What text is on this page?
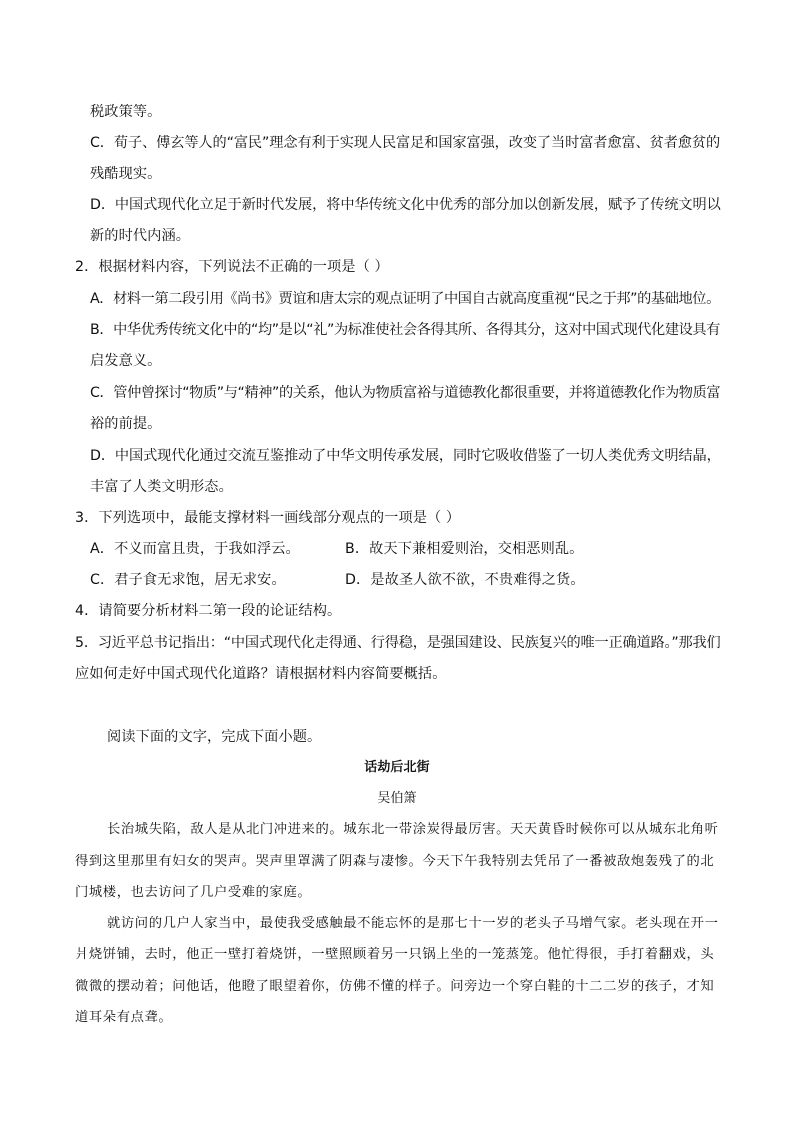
税政策等。
C．荀子、傅玄等人的“富民”理念有利于实现人民富足和国家富强，改变了当时富者愈富、贫者愈贫的
残酷现实。
D．中国式现代化立足于新时代发展，将中华传统文化中优秀的部分加以创新发展，赋予了传统文明以
新的时代内涵。
2．根据材料内容，下列说法不正确的一项是（ ）
A．材料一第二段引用《尚书》贾谊和唐太宗的观点证明了中国自古就高度重视“民之于邦”的基础地位。
B．中华优秀传统文化中的“均”是以“礼”为标准使社会各得其所、各得其分，这对中国式现代化建设具有
启发意义。
C．管仲曾探讨“物质”与“精神”的关系，他认为物质富裕与道德教化都很重要，并将道德教化作为物质富
裕的前提。
D．中国式现代化通过交流互鉴推动了中华文明传承发展，同时它吸收借鉴了一切人类优秀文明结晶，
丰富了人类文明形态。
3．下列选项中，最能支撑材料一画线部分观点的一项是（ ）
A．不义而富且贵，于我如浮云。	B．故天下兼相爱则治，交相恶则乱。
C．君子食无求饱，居无求安。	D．是故圣人欲不欲，不贵难得之货。
4．请简要分析材料二第一段的论证结构。
5．习近平总书记指出：“中国式现代化走得通、行得稳，是强国建设、民族复兴的唯一正确道路。”那我们
应如何走好中国式现代化道路？请根据材料内容简要概括。
阅读下面的文字，完成下面小题。
话劫后北街
吴伯箫
长治城失陷，敌人是从北门冲进来的。城东北一带涂炭得最厉害。天天黄昏时候你可以从城东北角听
得到这里那里有妇女的哭声。哭声里罩满了阴森与凄惨。今天下午我特别去凭吊了一番被敌炮轰残了的北
门城楼，也去访问了几户受难的家庭。
就访问的几户人家当中，最使我受感触最不能忘怀的是那七十一岁的老头子马增气家。老头现在开一
爿烧饼铺，去时，他正一壁打着烧饼，一壁照顾着另一只锅上坐的一笼蒸笼。他忙得很，手打着翻戏，头
微微的摆动着；问他话，他瞪了眼望着你，仿佛不懂的样子。问旁边一个穿白鞋的十二二岁的孩子，才知
道耳朵有点聋。
